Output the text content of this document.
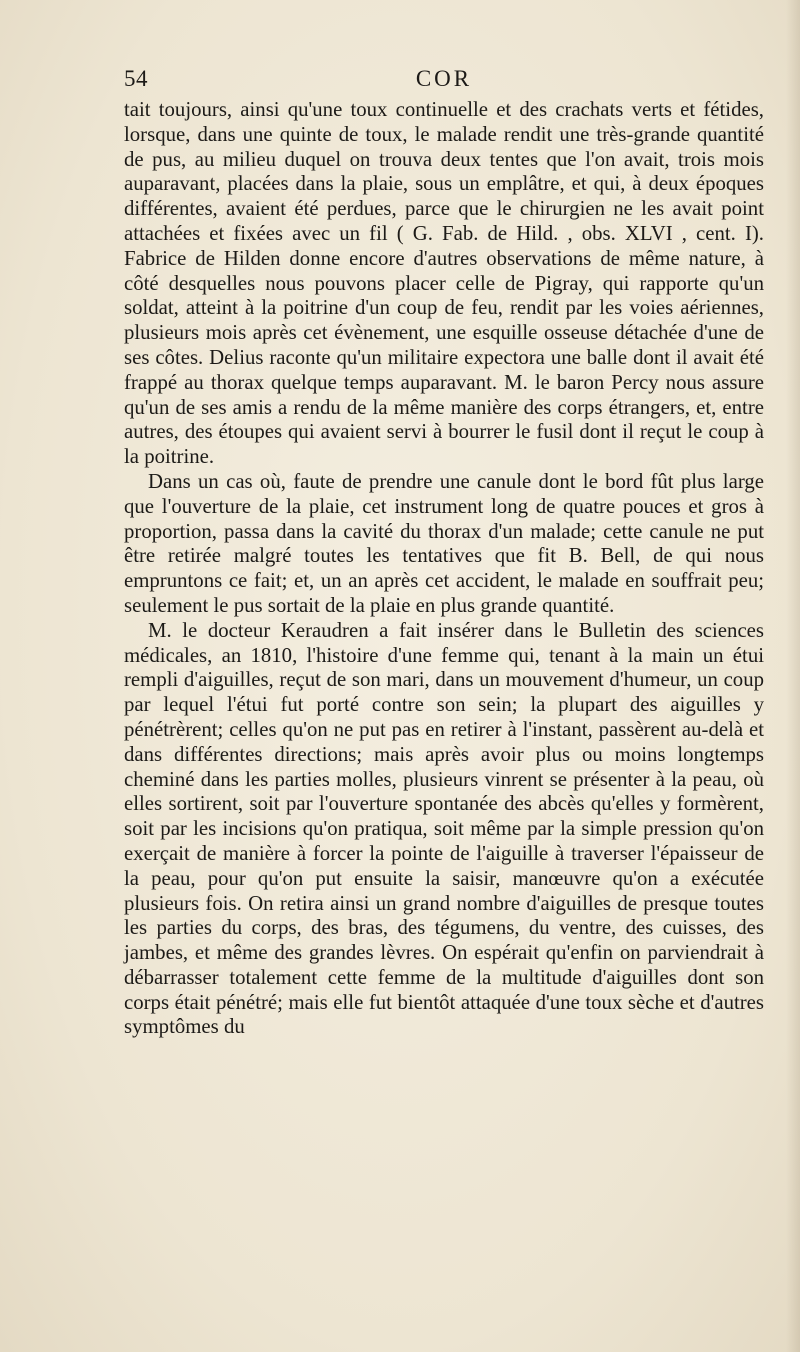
54	COR

tait toujours, ainsi qu'une toux continuelle et des crachats verts et fétides, lorsque, dans une quinte de toux, le malade rendit une très-grande quantité de pus, au milieu duquel on trouva deux tentes que l'on avait, trois mois auparavant, placées dans la plaie, sous un emplâtre, et qui, à deux époques différentes, avaient été perdues, parce que le chirurgien ne les avait point attachées et fixées avec un fil ( G. Fab. de Hild. , obs. XLVI , cent. I). Fabrice de Hilden donne encore d'autres observations de même nature, à côté desquelles nous pouvons placer celle de Pigray, qui rapporte qu'un soldat, atteint à la poitrine d'un coup de feu, rendit par les voies aériennes, plusieurs mois après cet évènement, une esquille osseuse détachée d'une de ses côtes. Delius raconte qu'un militaire expectora une balle dont il avait été frappé au thorax quelque temps auparavant. M. le baron Percy nous assure qu'un de ses amis a rendu de la même manière des corps étrangers, et, entre autres, des étoupes qui avaient servi à bourrer le fusil dont il reçut le coup à la poitrine.

Dans un cas où, faute de prendre une canule dont le bord fût plus large que l'ouverture de la plaie, cet instrument long de quatre pouces et gros à proportion, passa dans la cavité du thorax d'un malade; cette canule ne put être retirée malgré toutes les tentatives que fit B. Bell, de qui nous empruntons ce fait; et, un an après cet accident, le malade en souffrait peu; seulement le pus sortait de la plaie en plus grande quantité.

M. le docteur Keraudren a fait insérer dans le Bulletin des sciences médicales, an 1810, l'histoire d'une femme qui, tenant à la main un étui rempli d'aiguilles, reçut de son mari, dans un mouvement d'humeur, un coup par lequel l'étui fut porté contre son sein; la plupart des aiguilles y pénétrèrent; celles qu'on ne put pas en retirer à l'instant, passèrent au-delà et dans différentes directions; mais après avoir plus ou moins longtemps cheminé dans les parties molles, plusieurs vinrent se présenter à la peau, où elles sortirent, soit par l'ouverture spontanée des abcès qu'elles y formèrent, soit par les incisions qu'on pratiqua, soit même par la simple pression qu'on exerçait de manière à forcer la pointe de l'aiguille à traverser l'épaisseur de la peau, pour qu'on put ensuite la saisir, manœuvre qu'on a exécutée plusieurs fois. On retira ainsi un grand nombre d'aiguilles de presque toutes les parties du corps, des bras, des tégumens, du ventre, des cuisses, des jambes, et même des grandes lèvres. On espérait qu'enfin on parviendrait à débarrasser totalement cette femme de la multitude d'aiguilles dont son corps était pénétré; mais elle fut bientôt attaquée d'une toux sèche et d'autres symptômes du
